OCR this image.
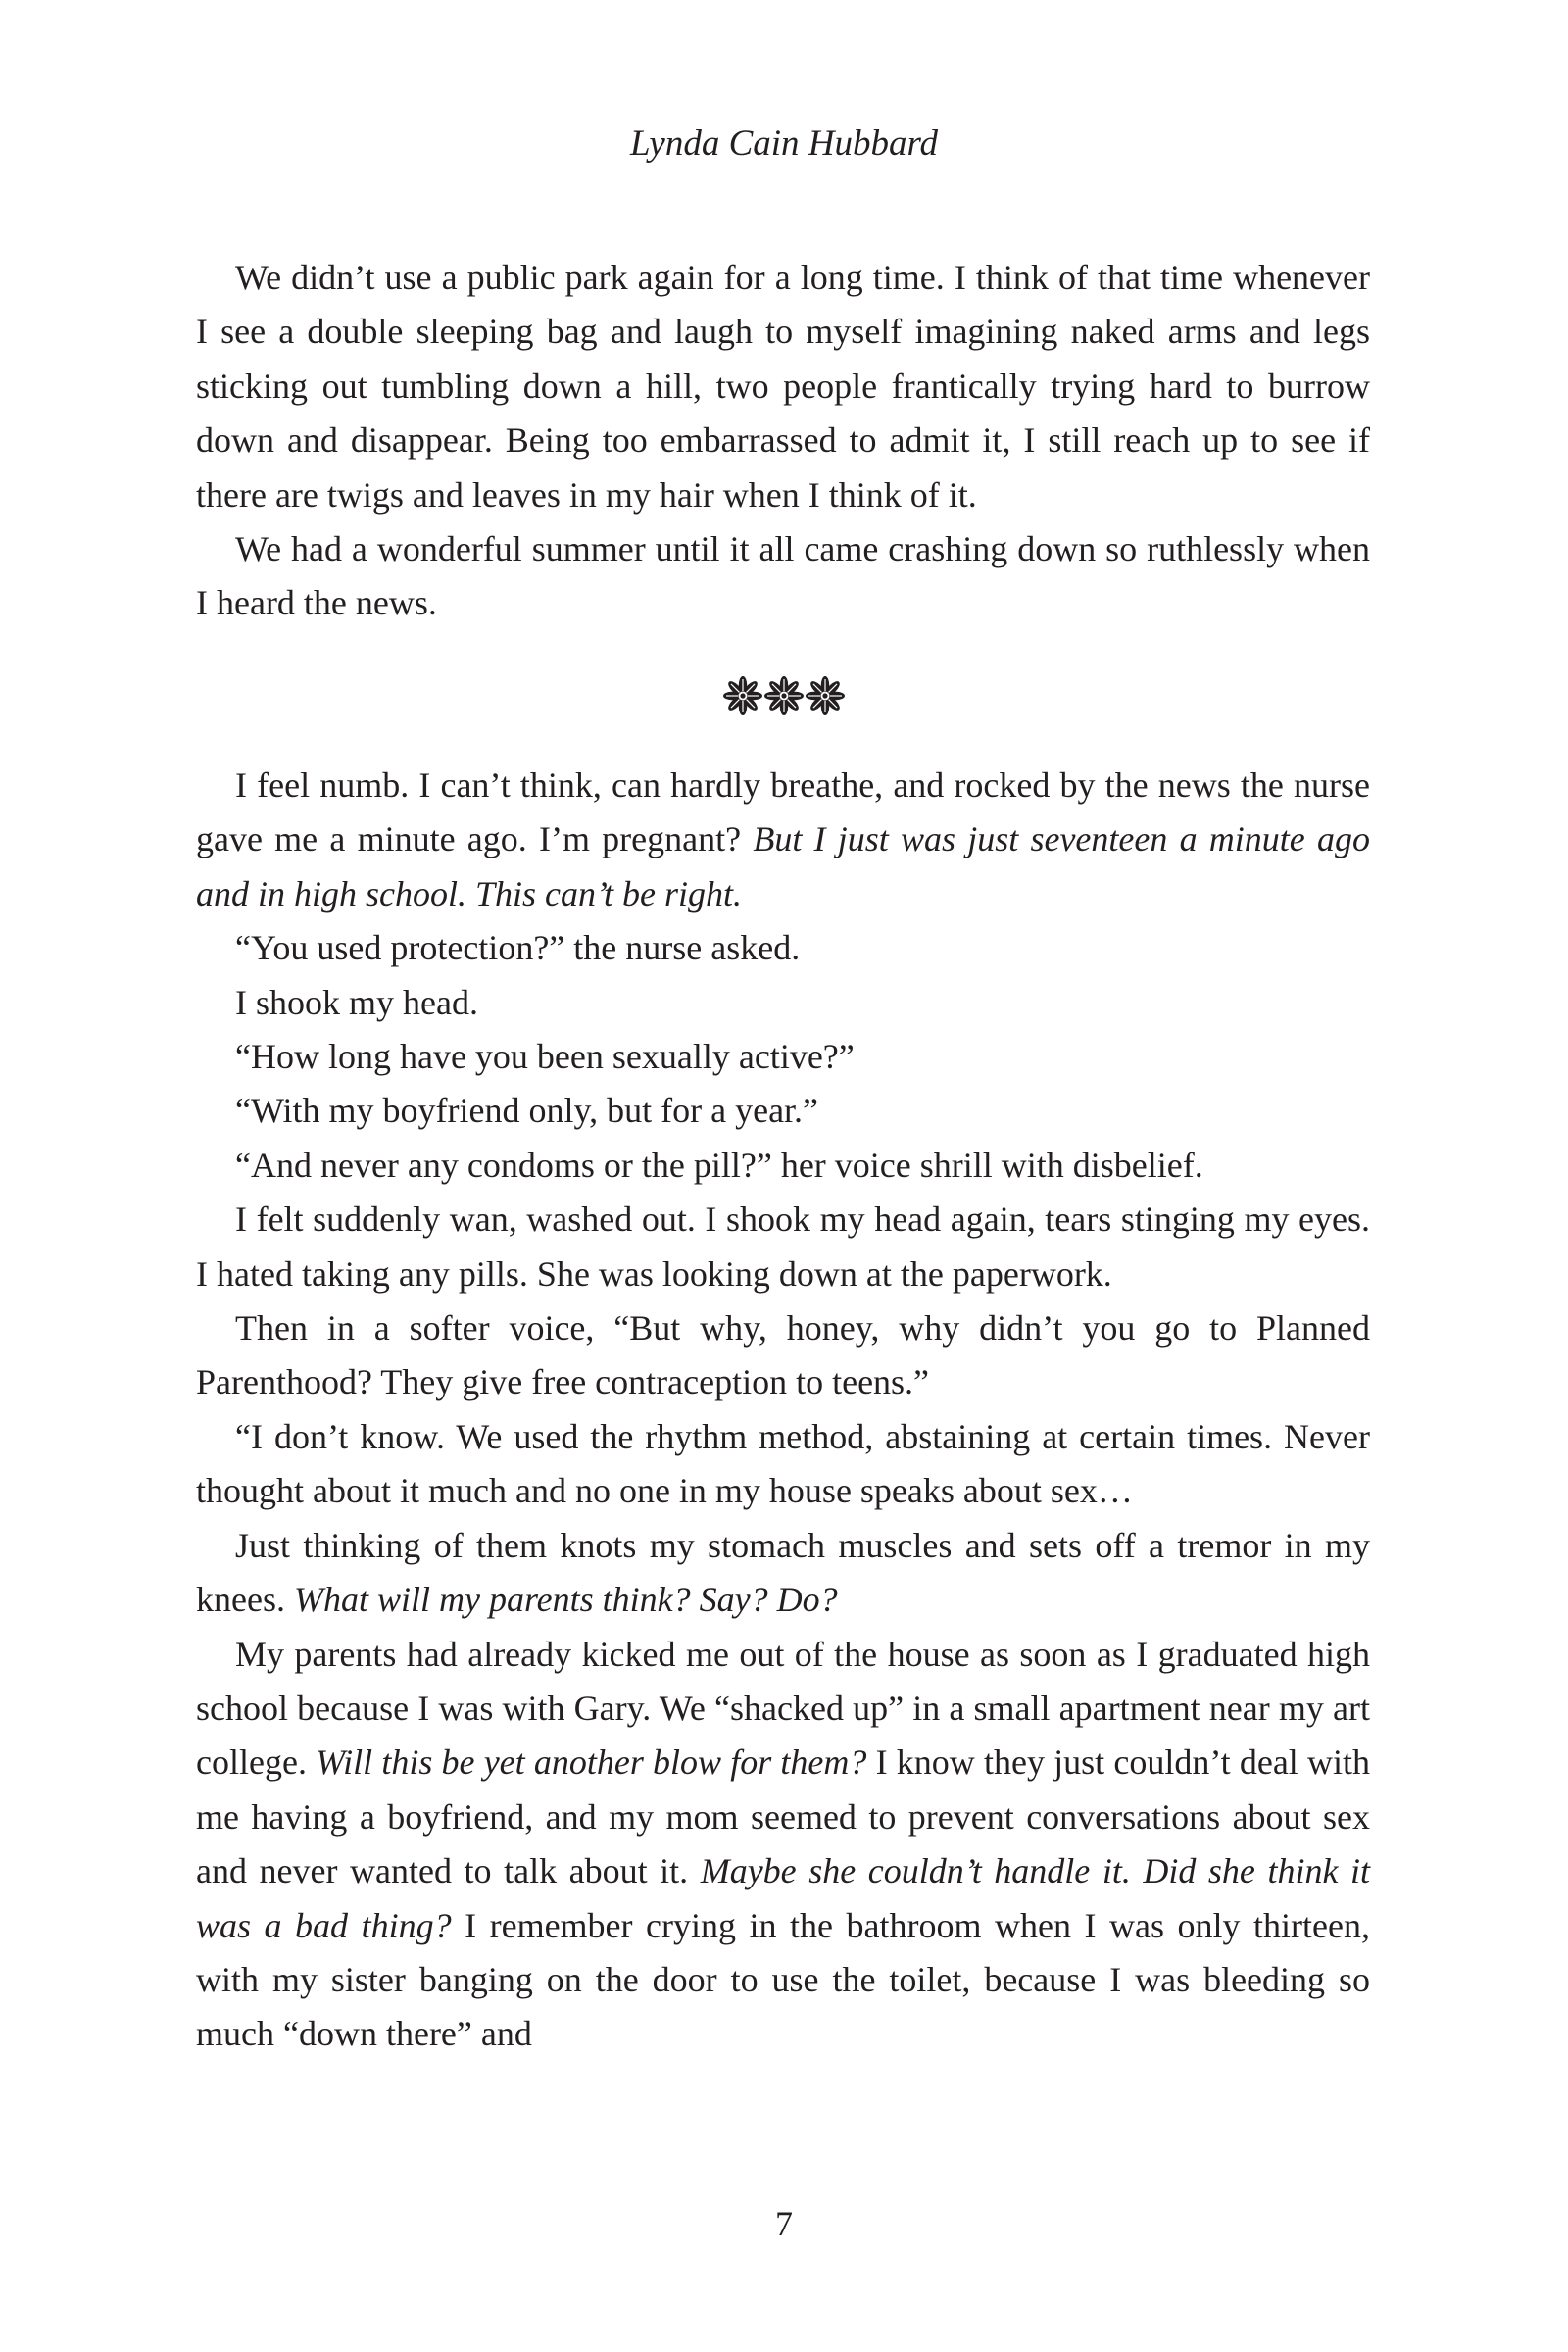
Lynda Cain Hubbard

We didn’t use a public park again for a long time. I think of that time whenever I see a double sleeping bag and laugh to myself imagining naked arms and legs sticking out tumbling down a hill, two people frantically trying hard to burrow down and disappear. Being too embarrassed to admit it, I still reach up to see if there are twigs and leaves in my hair when I think of it.

We had a wonderful summer until it all came crashing down so ruthlessly when I heard the news.

I feel numb. I can’t think, can hardly breathe, and rocked by the news the nurse gave me a minute ago. I’m pregnant? But I just was just seventeen a minute ago and in high school. This can’t be right.

“You used protection?” the nurse asked.

I shook my head.

“How long have you been sexually active?”

“With my boyfriend only, but for a year.”

“And never any condoms or the pill?” her voice shrill with disbelief.

I felt suddenly wan, washed out. I shook my head again, tears stinging my eyes. I hated taking any pills. She was looking down at the paperwork.

Then in a softer voice, “But why, honey, why didn’t you go to Planned Parenthood? They give free contraception to teens.”

“I don’t know. We used the rhythm method, abstaining at certain times. Never thought about it much and no one in my house speaks about sex…

Just thinking of them knots my stomach muscles and sets off a tremor in my knees. What will my parents think? Say? Do?

My parents had already kicked me out of the house as soon as I graduated high school because I was with Gary. We “shacked up” in a small apartment near my art college. Will this be yet another blow for them? I know they just couldn’t deal with me having a boyfriend, and my mom seemed to prevent conversations about sex and never wanted to talk about it. Maybe she couldn’t handle it. Did she think it was a bad thing? I remember crying in the bathroom when I was only thirteen, with my sister banging on the door to use the toilet, because I was bleeding so much “down there” and

7
